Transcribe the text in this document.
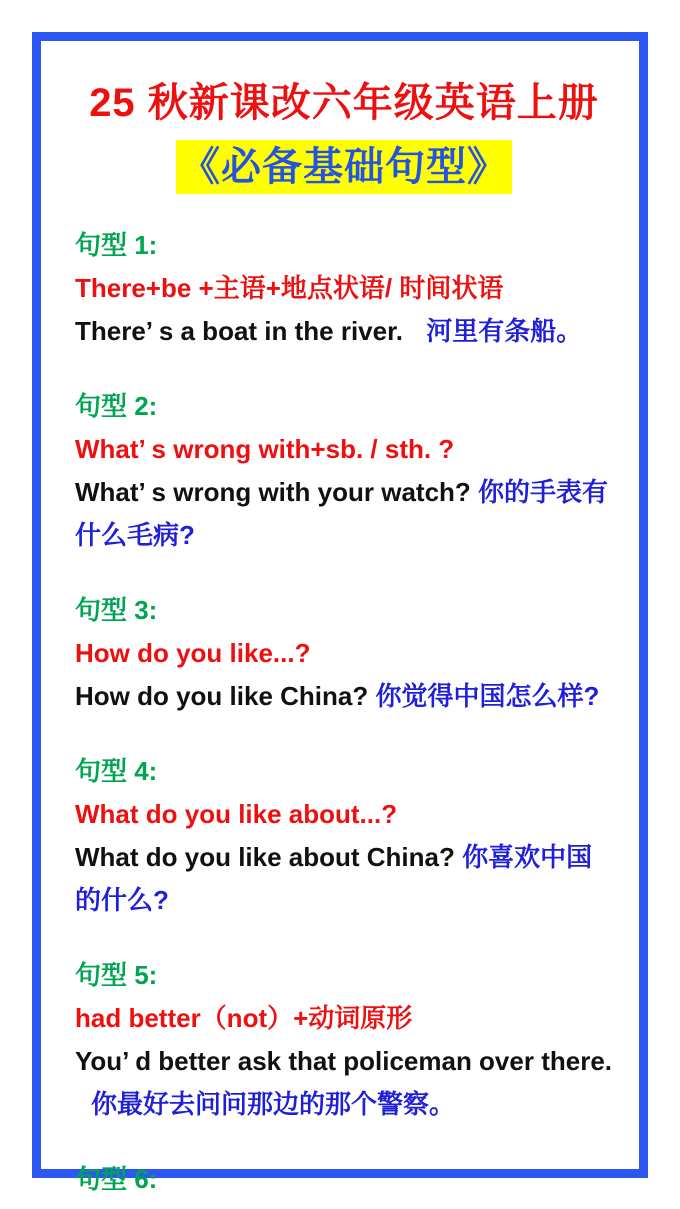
25 秋新课改六年级英语上册
《必备基础句型》

句型 1:

There+be +主语+地点状语/ 时间状语

There’ s a boat in the river. 河里有条船。

句型 2:

What’ s wrong with+sb. / sth. ?

What’ s wrong with your watch? 你的手表有什么毛病?

句型 3:

How do you like...?

How do you like China? 你觉得中国怎么样?

句型 4:

What do you like about...?

What do you like about China? 你喜欢中国的什么?

句型 5:

had better（not）+动词原形

You’ d better ask that policeman over there. 你最好去问问那边的那个警察。

句型 6:
